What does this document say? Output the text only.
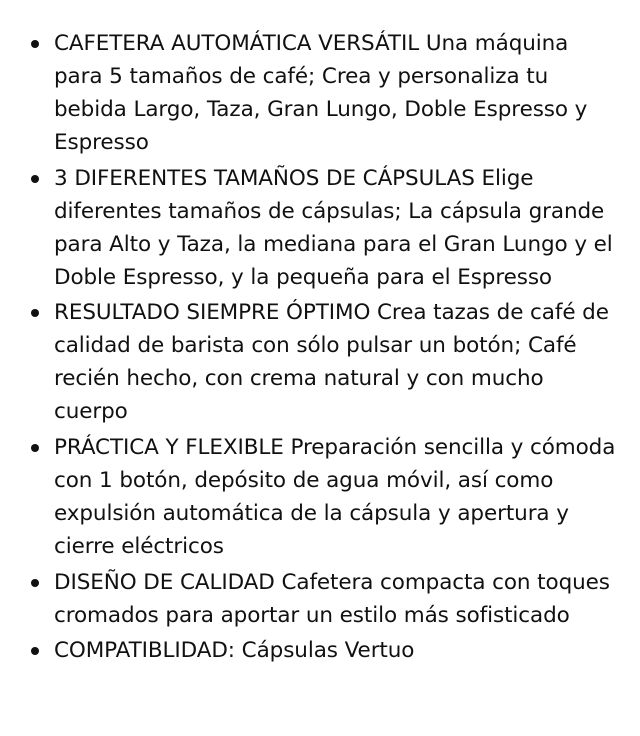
CAFETERA AUTOMÁTICA VERSÁTIL Una máquina para 5 tamaños de café; Crea y personaliza tu bebida Largo, Taza, Gran Lungo, Doble Espresso y Espresso
3 DIFERENTES TAMAÑOS DE CÁPSULAS Elige diferentes tamaños de cápsulas; La cápsula grande para Alto y Taza, la mediana para el Gran Lungo y el Doble Espresso, y la pequeña para el Espresso
RESULTADO SIEMPRE ÓPTIMO Crea tazas de café de calidad de barista con sólo pulsar un botón; Café recién hecho, con crema natural y con mucho cuerpo
PRÁCTICA Y FLEXIBLE Preparación sencilla y cómoda con 1 botón, depósito de agua móvil, así como expulsión automática de la cápsula y apertura y cierre eléctricos
DISEÑO DE CALIDAD Cafetera compacta con toques cromados para aportar un estilo más sofisticado
COMPATIBLIDAD: Cápsulas Vertuo
